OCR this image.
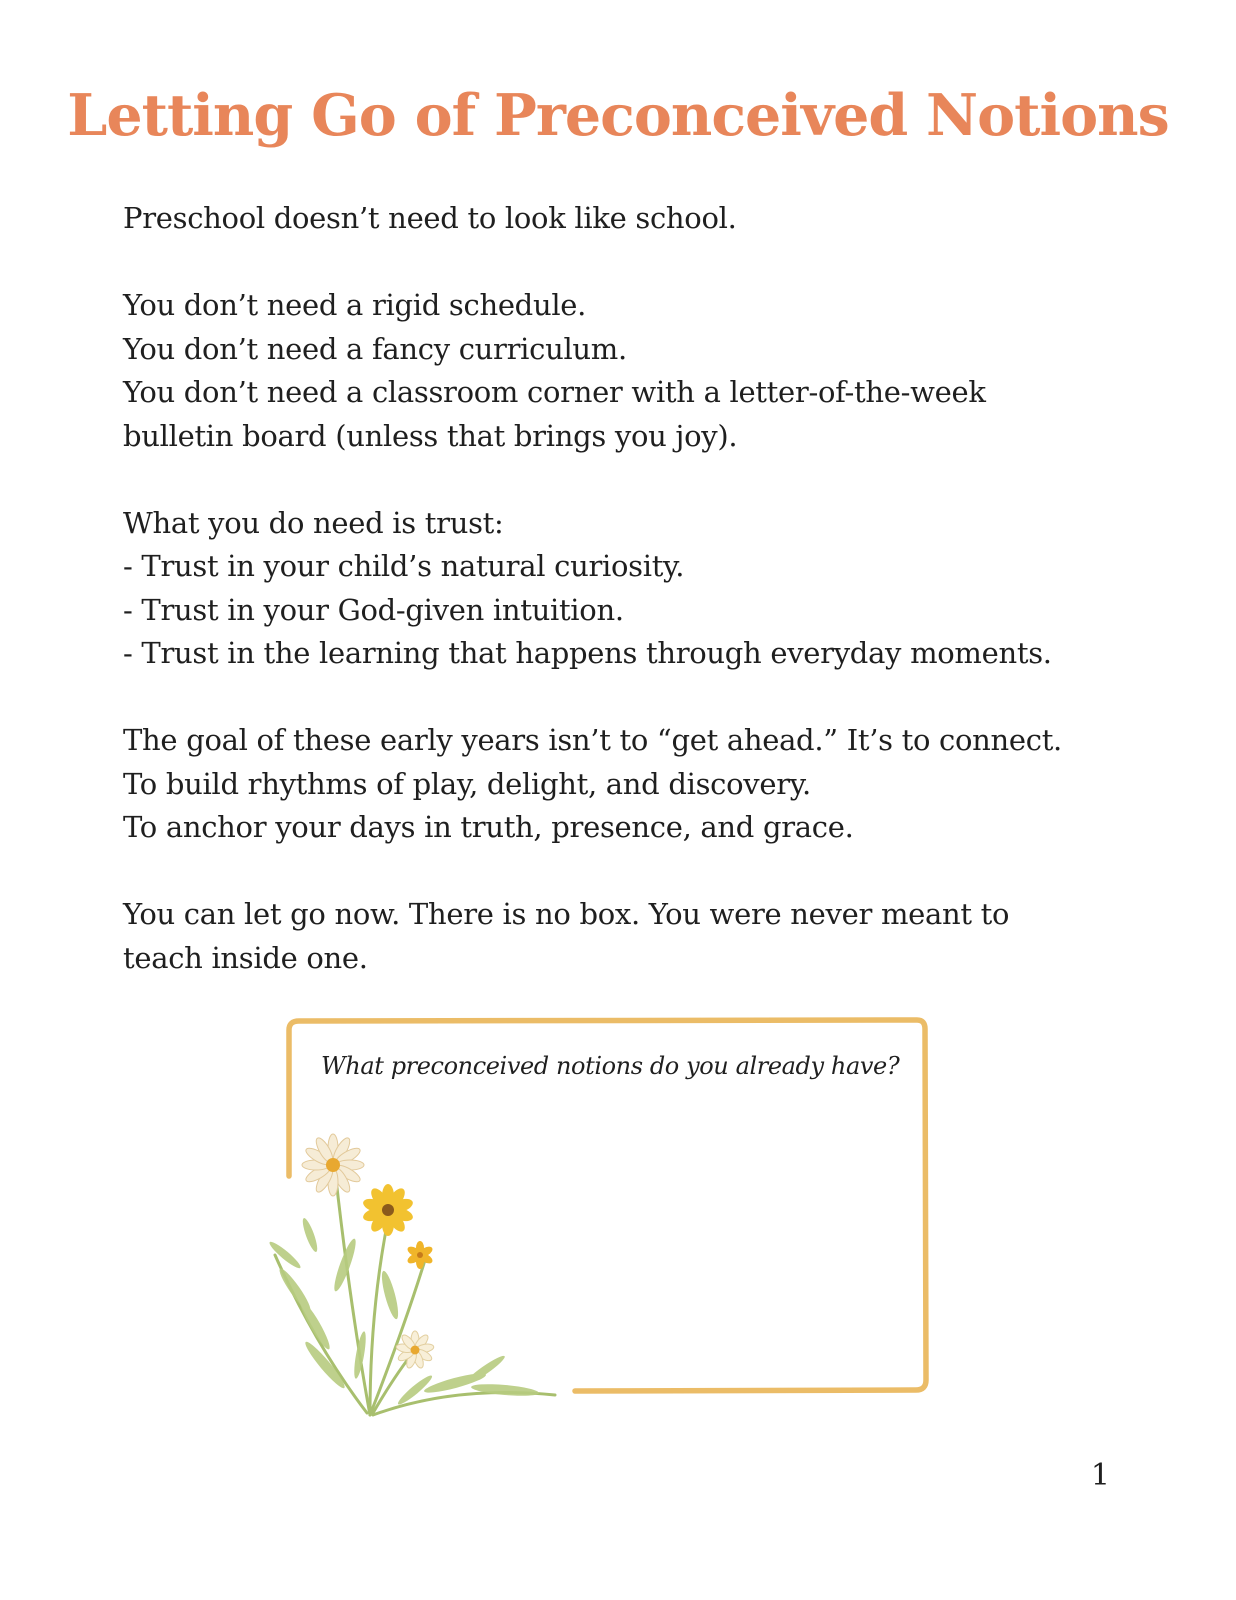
Letting Go of Preconceived Notions

Preschool doesn’t need to look like school.

You don’t need a rigid schedule.
You don’t need a fancy curriculum.
You don’t need a classroom corner with a letter-of-the-week
bulletin board (unless that brings you joy).

What you do need is trust:
- Trust in your child’s natural curiosity.
- Trust in your God-given intuition.
- Trust in the learning that happens through everyday moments.

The goal of these early years isn’t to “get ahead.” It’s to connect.
To build rhythms of play, delight, and discovery.
To anchor your days in truth, presence, and grace.

You can let go now. There is no box. You were never meant to
teach inside one.

What preconceived notions do you already have?
1
